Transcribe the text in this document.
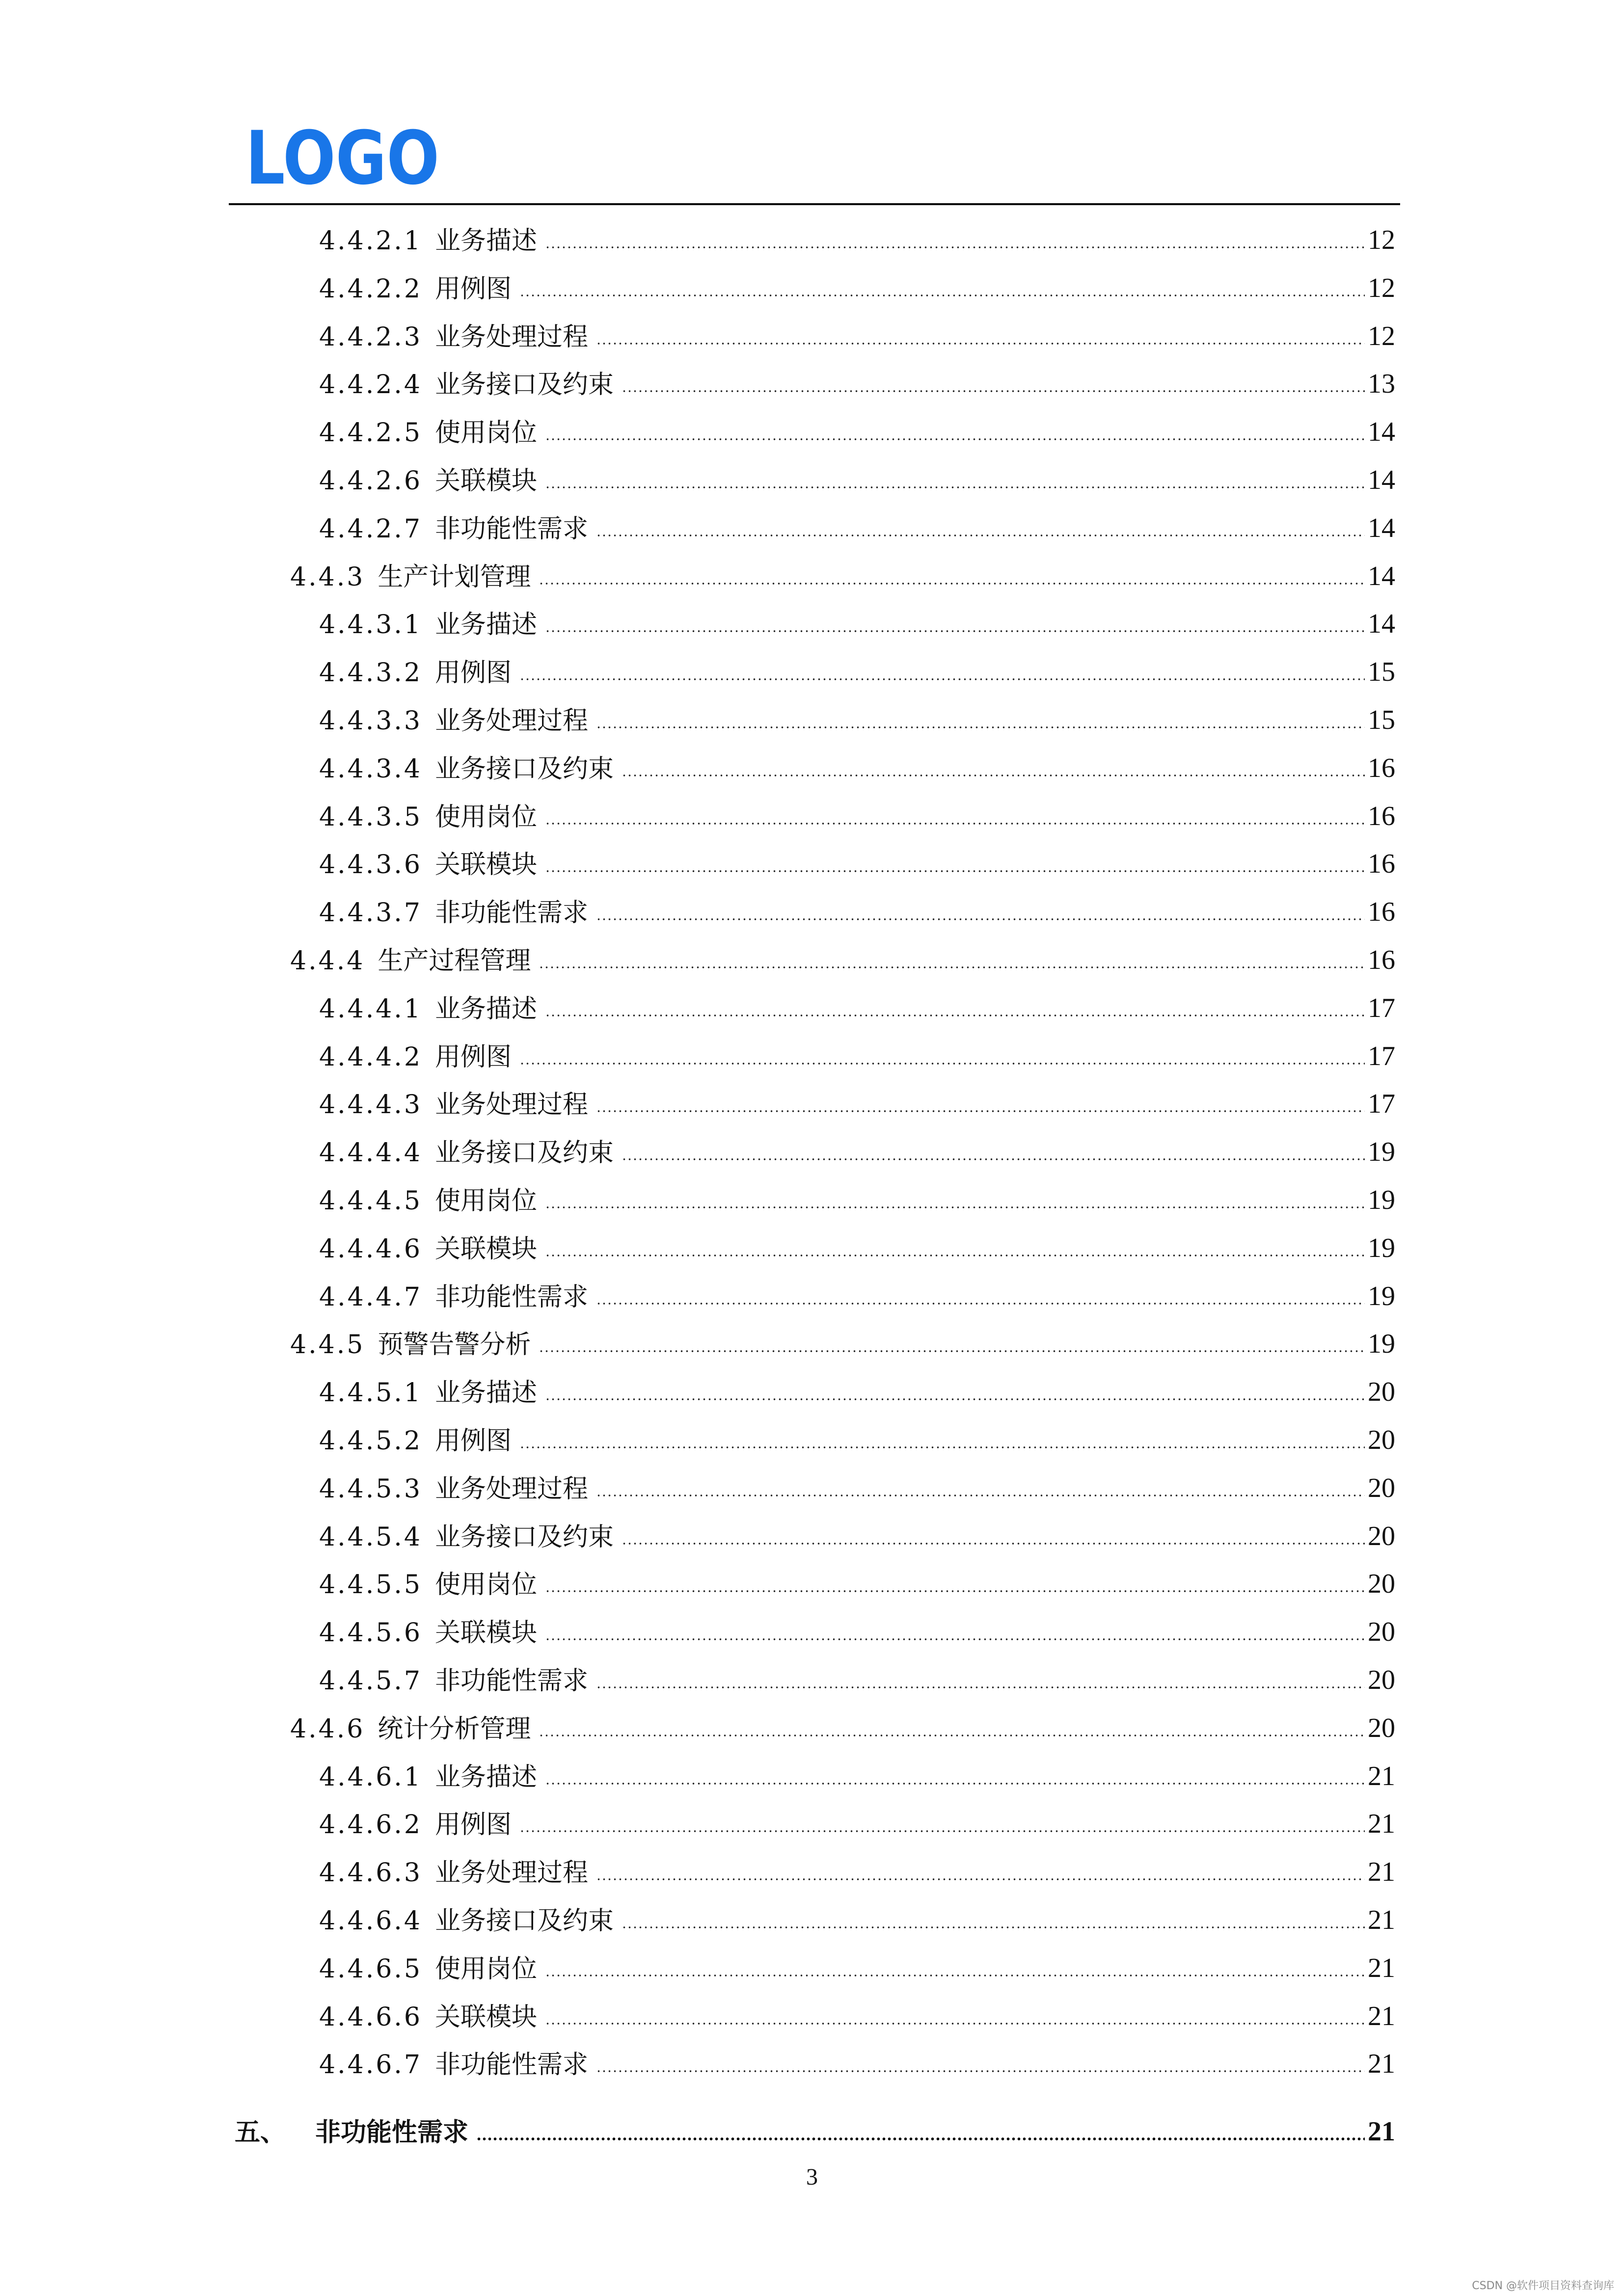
LOGO
4.4.2.1 业务描述	12
4.4.2.2 用例图	12
4.4.2.3 业务处理过程	12
4.4.2.4 业务接口及约束	13
4.4.2.5 使用岗位	14
4.4.2.6 关联模块	14
4.4.2.7 非功能性需求	14
4.4.3 生产计划管理	14
4.4.3.1 业务描述	14
4.4.3.2 用例图	15
4.4.3.3 业务处理过程	15
4.4.3.4 业务接口及约束	16
4.4.3.5 使用岗位	16
4.4.3.6 关联模块	16
4.4.3.7 非功能性需求	16
4.4.4 生产过程管理	16
4.4.4.1 业务描述	17
4.4.4.2 用例图	17
4.4.4.3 业务处理过程	17
4.4.4.4 业务接口及约束	19
4.4.4.5 使用岗位	19
4.4.4.6 关联模块	19
4.4.4.7 非功能性需求	19
4.4.5 预警告警分析	19
4.4.5.1 业务描述	20
4.4.5.2 用例图	20
4.4.5.3 业务处理过程	20
4.4.5.4 业务接口及约束	20
4.4.5.5 使用岗位	20
4.4.5.6 关联模块	20
4.4.5.7 非功能性需求	20
4.4.6 统计分析管理	20
4.4.6.1 业务描述	21
4.4.6.2 用例图	21
4.4.6.3 业务处理过程	21
4.4.6.4 业务接口及约束	21
4.4.6.5 使用岗位	21
4.4.6.6 关联模块	21
4.4.6.7 非功能性需求	21
五、 非功能性需求	21
3
CSDN @软件项目资料查询库
